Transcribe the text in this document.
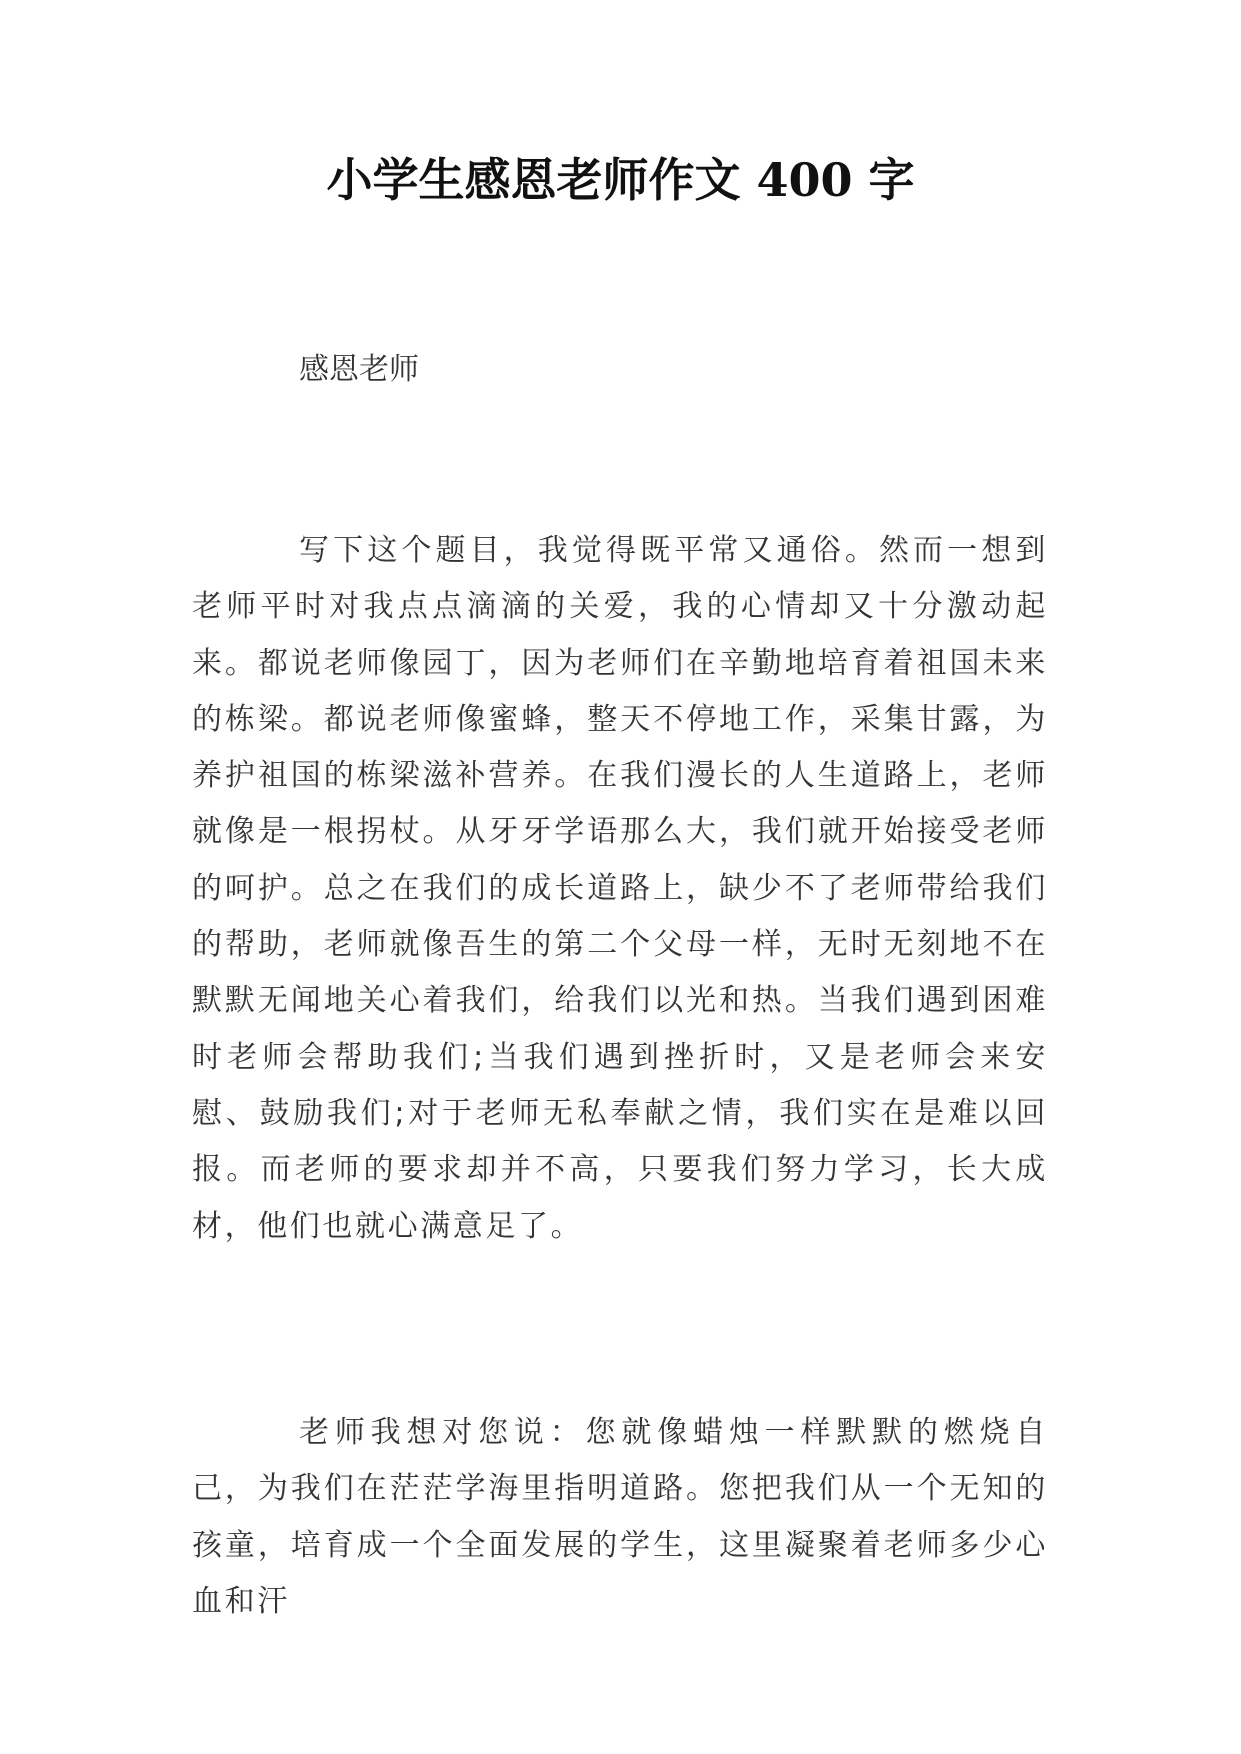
小学生感恩老师作文 400 字

感恩老师

写下这个题目，我觉得既平常又通俗。然而一想到老师平时对我点点滴滴的关爱，我的心情却又十分激动起来。都说老师像园丁，因为老师们在辛勤地培育着祖国未来的栋梁。都说老师像蜜蜂，整天不停地工作，采集甘露，为养护祖国的栋梁滋补营养。在我们漫长的人生道路上，老师就像是一根拐杖。从牙牙学语那么大，我们就开始接受老师的呵护。总之在我们的成长道路上，缺少不了老师带给我们的帮助，老师就像吾生的第二个父母一样，无时无刻地不在默默无闻地关心着我们，给我们以光和热。当我们遇到困难时老师会帮助我们;当我们遇到挫折时，又是老师会来安慰、鼓励我们;对于老师无私奉献之情，我们实在是难以回报。而老师的要求却并不高，只要我们努力学习，长大成材，他们也就心满意足了。

老师我想对您说：您就像蜡烛一样默默的燃烧自己，为我们在茫茫学海里指明道路。您把我们从一个无知的孩童，培育成一个全面发展的学生，这里凝聚着老师多少心血和汗
